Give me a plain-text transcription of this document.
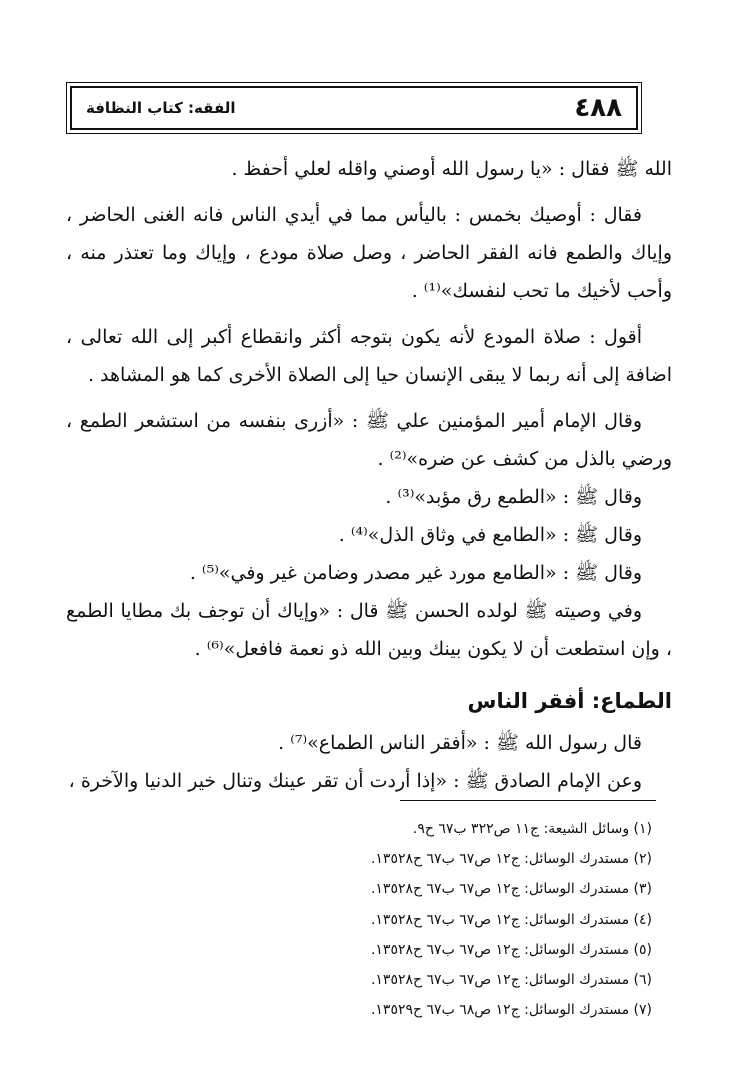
٤٨٨
الفقه: كتاب النظافة

الله ﷺ فقال : «يا رسول الله أوصني واقله لعلي أحفظ .

فقال : أوصيك بخمس : باليأس مما في أيدي الناس فانه الغنى الحاضر ، وإياك والطمع فانه الفقر الحاضر ، وصل صلاة مودع ، وإياك وما تعتذر منه ، وأحب لأخيك ما تحب لنفسك»⁽¹⁾ .

أقول : صلاة المودع لأنه يكون بتوجه أكثر وانقطاع أكبر إلى الله تعالى ، اضافة إلى أنه ربما لا يبقى الإنسان حيا إلى الصلاة الأخرى كما هو المشاهد .

وقال الإمام أمير المؤمنين علي ﷺ : «أزرى بنفسه من استشعر الطمع ، ورضي بالذل من كشف عن ضره»⁽²⁾ .

وقال ﷺ : «الطمع رق مؤبد»⁽³⁾ .

وقال ﷺ : «الطامع في وثاق الذل»⁽⁴⁾ .

وقال ﷺ : «الطامع مورد غير مصدر وضامن غير وفي»⁽⁵⁾ .

وفي وصيته ﷺ لولده الحسن ﷺ قال : «وإياك أن توجف بك مطايا الطمع ، وإن استطعت أن لا يكون بينك وبين الله ذو نعمة فافعل»⁽⁶⁾ .

الطماع: أفقر الناس

قال رسول الله ﷺ : «أفقر الناس الطماع»⁽⁷⁾ .

وعن الإمام الصادق ﷺ : «إذا أردت أن تقر عينك وتنال خير الدنيا والآخرة ،

(١) وسائل الشيعة: ج١١ ص٣٢٢ ب٦٧ ح٩.

(٢) مستدرك الوسائل: ج١٢ ص٦٧ ب٦٧ ح١٣٥٢٨.

(٣) مستدرك الوسائل: ج١٢ ص٦٧ ب٦٧ ح١٣٥٢٨.

(٤) مستدرك الوسائل: ج١٢ ص٦٧ ب٦٧ ح١٣٥٢٨.

(٥) مستدرك الوسائل: ج١٢ ص٦٧ ب٦٧ ح١٣٥٢٨.

(٦) مستدرك الوسائل: ج١٢ ص٦٧ ب٦٧ ح١٣٥٢٨.

(٧) مستدرك الوسائل: ج١٢ ص٦٨ ب٦٧ ح١٣٥٢٩.
